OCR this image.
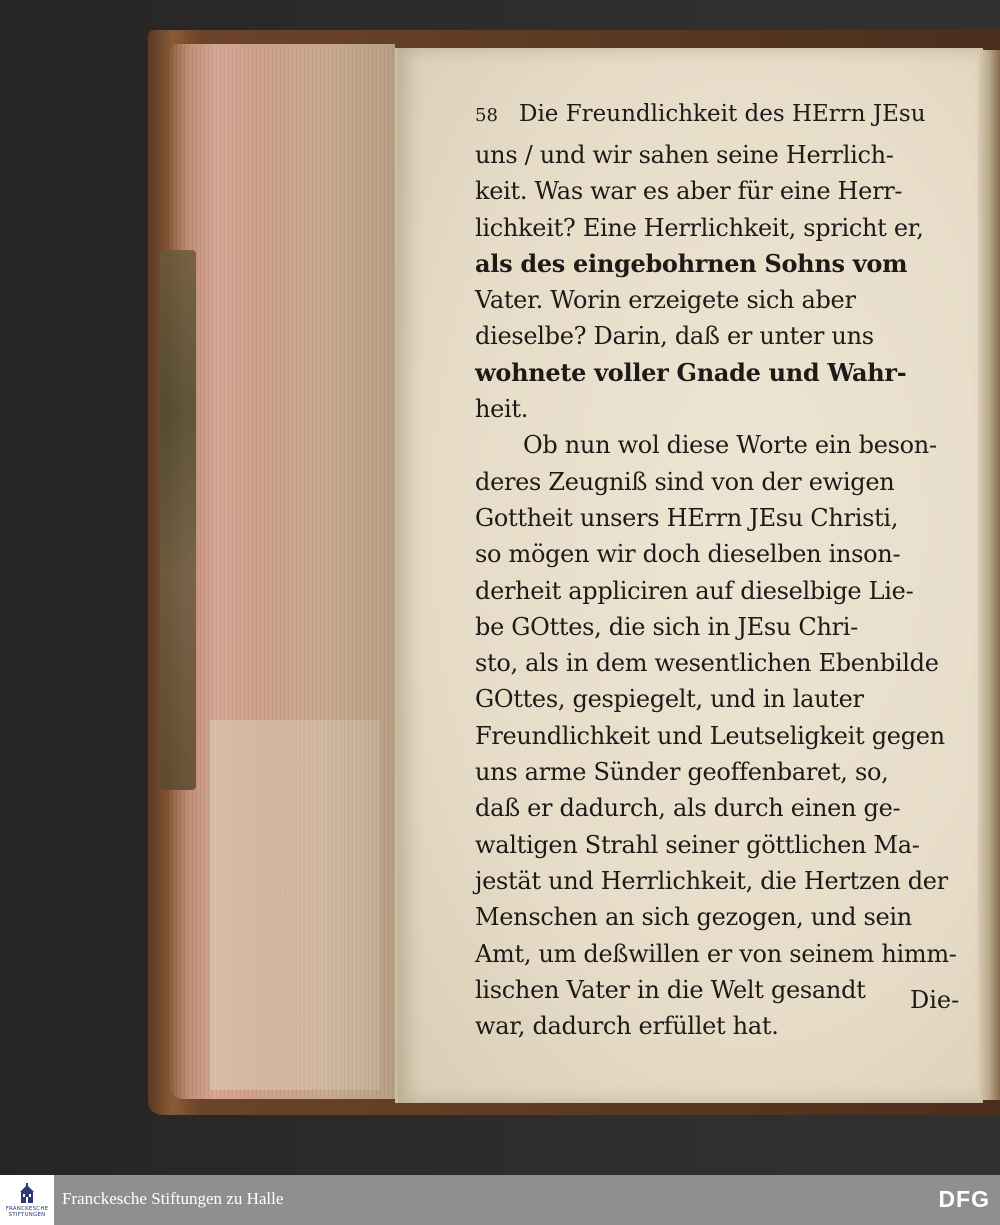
58 Die Freundlichkeit des HErrn JEsu
uns / und wir sahen seine Herrlich-
keit. Was war es aber für eine Herr-
lichkeit? Eine Herrlichkeit, spricht er,
als des eingebohrnen Sohns vom
Vater. Worin erzeigete sich aber
dieselbe? Darin, daß er unter uns
wohnete voller Gnade und Wahr-
heit.
Ob nun wol diese Worte ein beson-
deres Zeugniß sind von der ewigen
Gottheit unsers HErrn JEsu Christi,
so mögen wir doch dieselben inson-
derheit appliciren auf dieselbige Lie-
be GOttes, die sich in JEsu Chri-
sto, als in dem wesentlichen Ebenbilde
GOttes, gespiegelt, und in lauter
Freundlichkeit und Leutseligkeit gegen
uns arme Sünder geoffenbaret, so,
daß er dadurch, als durch einen ge-
waltigen Strahl seiner göttlichen Ma-
jestät und Herrlichkeit, die Hertzen der
Menschen an sich gezogen, und sein
Amt, um deßwillen er von seinem himm-
lischen Vater in die Welt gesandt
war, dadurch erfüllet hat.
Die-
FRANCKESCHE STIFTUNGEN
Franckesche Stiftungen zu Halle	DFG
